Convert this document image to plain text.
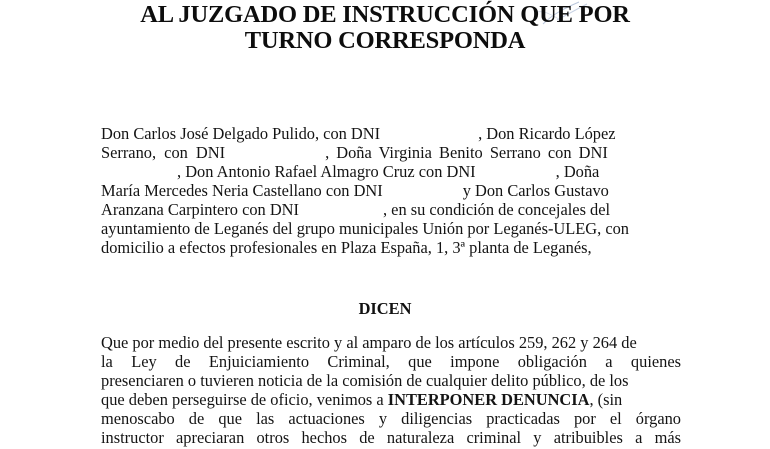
AL JUZGADO DE INSTRUCCIÓN QUE POR
TURNO CORRESPONDA
Don Carlos José Delgado Pulido, con DNI	, Don Ricardo López
Serrano, con DNI	, Doña Virginia Benito Serrano con DNI
, Don Antonio Rafael Almagro Cruz con DNI	, Doña
María Mercedes Neria Castellano con DNI	y Don Carlos Gustavo
Aranzana Carpintero con DNI	, en su condición de concejales del
ayuntamiento de Leganés del grupo municipales Unión por Leganés-ULEG, con
domicilio a efectos profesionales en Plaza España, 1, 3ª planta de Leganés,
DICEN
Que por medio del presente escrito y al amparo de los artículos 259, 262 y 264 de
la Ley de Enjuiciamiento Criminal, que impone obligación a quienes
presenciaren o tuvieren noticia de la comisión de cualquier delito público, de los
que deben perseguirse de oficio, venimos a INTERPONER DENUNCIA, (sin
menoscabo de que las actuaciones y diligencias practicadas por el órgano
instructor apreciaran otros hechos de naturaleza criminal y atribuibles a más
